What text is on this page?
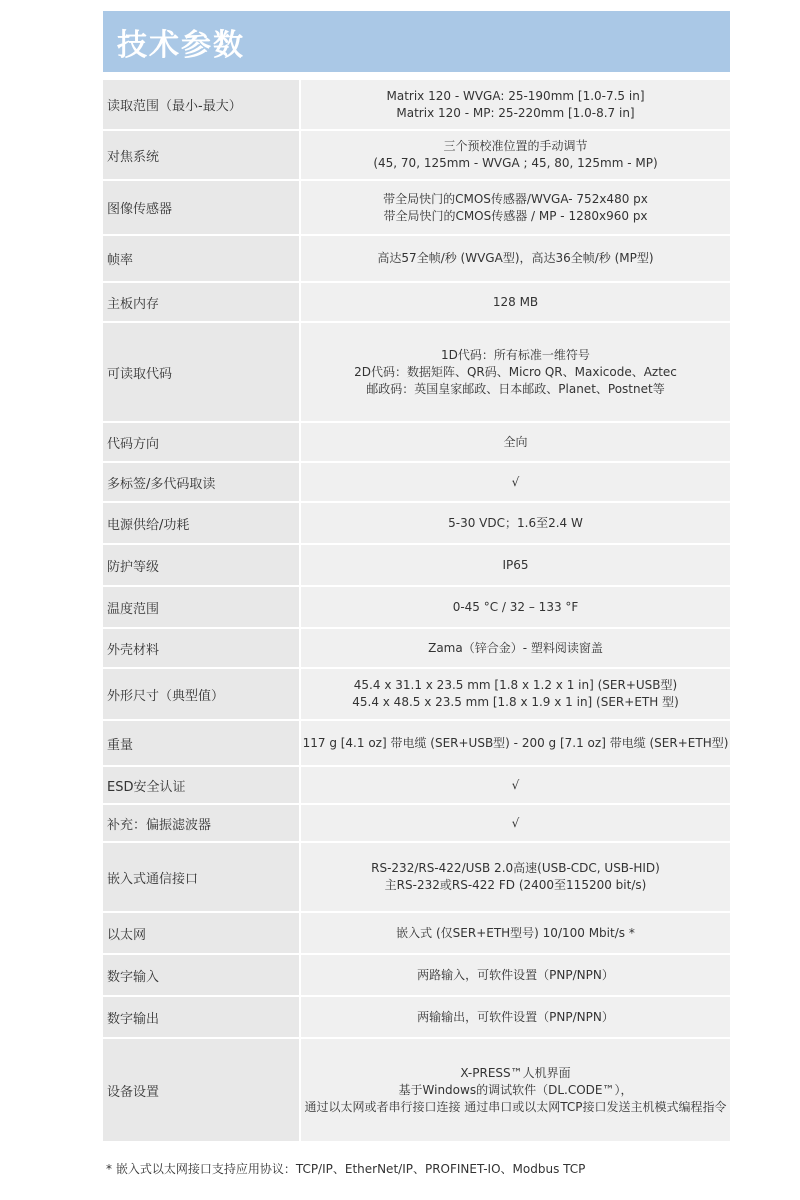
技术参数
读取范围（最小-最大）	Matrix 120 - WVGA: 25-190mm [1.0-7.5 in]
Matrix 120 - MP: 25-220mm [1.0-8.7 in]

对焦系统	三个预校准位置的手动调节
(45, 70, 125mm - WVGA ; 45, 80, 125mm - MP)

图像传感器	带全局快门的CMOS传感器/WVGA- 752x480 px
带全局快门的CMOS传感器 / MP - 1280x960 px

帧率	高达57全帧/秒 (WVGA型)，高达36全帧/秒 (MP型)

主板内存	128 MB

可读取代码	1D代码：所有标准一维符号
2D代码：数据矩阵、QR码、Micro QR、Maxicode、Aztec
邮政码：英国皇家邮政、日本邮政、Planet、Postnet等

代码方向	全向

多标签/多代码取读	√

电源供给/功耗	5-30 VDC；1.6至2.4 W

防护等级	IP65

温度范围	0-45 °C / 32 – 133 °F

外壳材料	Zama（锌合金）- 塑料阅读窗盖

外形尺寸（典型值）	45.4 x 31.1 x 23.5 mm [1.8 x 1.2 x 1 in] (SER+USB型)
45.4 x 48.5 x 23.5 mm [1.8 x 1.9 x 1 in] (SER+ETH 型)

重量	117 g [4.1 oz] 带电缆 (SER+USB型) - 200 g [7.1 oz] 带电缆 (SER+ETH型)

ESD安全认证	√

补充：偏振滤波器	√

嵌入式通信接口	RS-232/RS-422/USB 2.0高速(USB-CDC, USB-HID)
主RS-232或RS-422 FD (2400至115200 bit/s)

以太网	嵌入式 (仅SER+ETH型号) 10/100 Mbit/s *

数字输入	两路输入，可软件设置（PNP/NPN）

数字输出	两输输出，可软件设置（PNP/NPN）

设备设置	X-PRESS™人机界面
基于Windows的调试软件（DL.CODE™），
通过以太网或者串行接口连接 通过串口或以太网TCP接口发送主机模式编程指令
* 嵌入式以太网接口支持应用协议：TCP/IP、EtherNet/IP、PROFINET-IO、Modbus TCP
